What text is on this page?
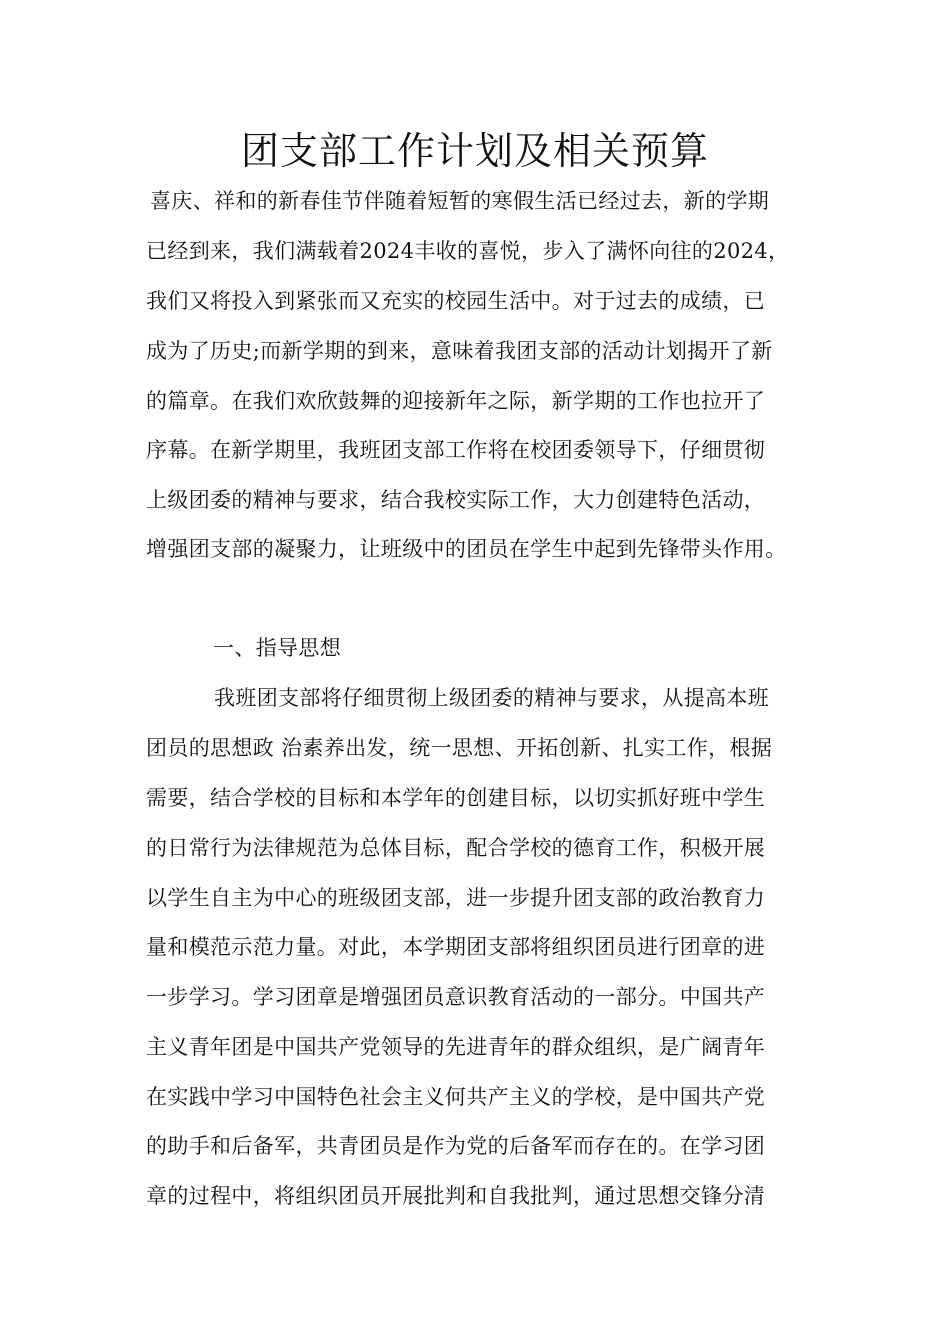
团支部工作计划及相关预算
喜庆、祥和的新春佳节伴随着短暂的寒假生活已经过去，新的学期
已经到来，我们满载着2024丰收的喜悦，步入了满怀向往的2024，
我们又将投入到紧张而又充实的校园生活中。对于过去的成绩，已
成为了历史;而新学期的到来，意味着我团支部的活动计划揭开了新
的篇章。在我们欢欣鼓舞的迎接新年之际，新学期的工作也拉开了
序幕。在新学期里，我班团支部工作将在校团委领导下，仔细贯彻
上级团委的精神与要求，结合我校实际工作，大力创建特色活动，
增强团支部的凝聚力，让班级中的团员在学生中起到先锋带头作用。
一、指导思想
我班团支部将仔细贯彻上级团委的精神与要求，从提高本班
团员的思想政 治素养出发，统一思想、开拓创新、扎实工作，根据
需要，结合学校的目标和本学年的创建目标，以切实抓好班中学生
的日常行为法律规范为总体目标，配合学校的德育工作，积极开展
以学生自主为中心的班级团支部，进一步提升团支部的政治教育力
量和模范示范力量。对此，本学期团支部将组织团员进行团章的进
一步学习。学习团章是增强团员意识教育活动的一部分。中国共产
主义青年团是中国共产党领导的先进青年的群众组织，是广阔青年
在实践中学习中国特色社会主义何共产主义的学校，是中国共产党
的助手和后备军，共青团员是作为党的后备军而存在的。在学习团
章的过程中，将组织团员开展批判和自我批判，通过思想交锋分清
